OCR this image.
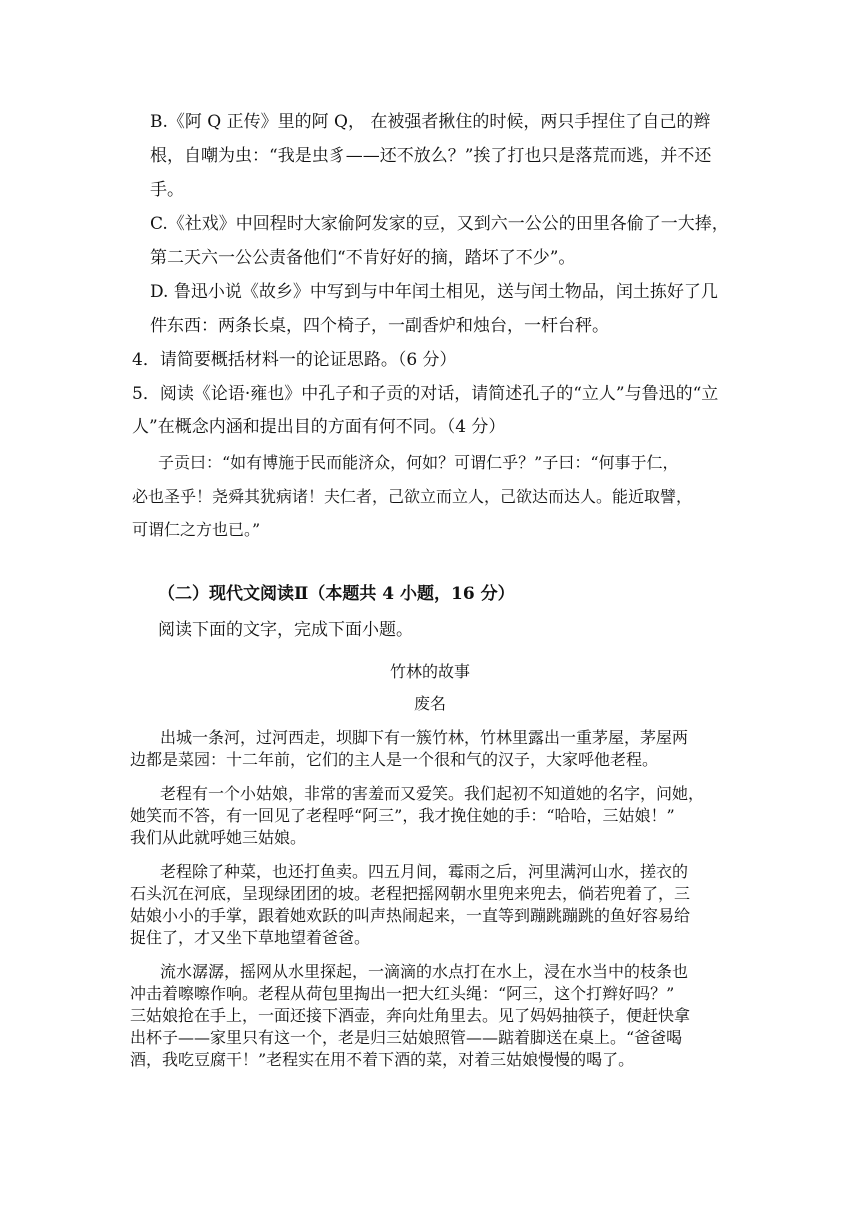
B.《阿 Q 正传》里的阿 Q， 在被强者揪住的时候，两只手捏住了自己的辫
根，自嘲为虫：“我是虫豸——还不放么？”挨了打也只是落荒而逃，并不还
手。
C.《社戏》中回程时大家偷阿发家的豆，又到六一公公的田里各偷了一大捧，
第二天六一公公责备他们“不肯好好的摘，踏坏了不少”。
D. 鲁迅小说《故乡》中写到与中年闰土相见，送与闰土物品，闰土拣好了几
件东西：两条长桌，四个椅子，一副香炉和烛台，一杆台秤。
4．请简要概括材料一的论证思路。（6 分）
5．阅读《论语·雍也》中孔子和子贡的对话，请简述孔子的“立人”与鲁迅的“立
人”在概念内涵和提出目的方面有何不同。（4 分）
子贡曰：“如有博施于民而能济众，何如？可谓仁乎？”子曰：“何事于仁，
必也圣乎！尧舜其犹病诸！夫仁者，己欲立而立人，己欲达而达人。能近取譬，
可谓仁之方也已。”
（二）现代文阅读Ⅱ（本题共 4 小题，16 分）
阅读下面的文字，完成下面小题。
竹林的故事
废名
出城一条河，过河西走，坝脚下有一簇竹林，竹林里露出一重茅屋，茅屋两
边都是菜园：十二年前，它们的主人是一个很和气的汉子，大家呼他老程。
老程有一个小姑娘，非常的害羞而又爱笑。我们起初不知道她的名字，问她，
她笑而不答，有一回见了老程呼“阿三”，我才挽住她的手：“哈哈，三姑娘！”
我们从此就呼她三姑娘。
老程除了种菜，也还打鱼卖。四五月间，霉雨之后，河里满河山水，搓衣的
石头沉在河底，呈现绿团团的坡。老程把摇网朝水里兜来兜去，倘若兜着了，三
姑娘小小的手掌，跟着她欢跃的叫声热闹起来，一直等到蹦跳蹦跳的鱼好容易给
捉住了，才又坐下草地望着爸爸。
流水潺潺，摇网从水里探起，一滴滴的水点打在水上，浸在水当中的枝条也
冲击着嚓嚓作响。老程从荷包里掏出一把大红头绳：“阿三，这个打辫好吗？”
三姑娘抢在手上，一面还接下酒壶，奔向灶角里去。见了妈妈抽筷子，便赶快拿
出杯子——家里只有这一个，老是归三姑娘照管——踮着脚送在桌上。“爸爸喝
酒，我吃豆腐干！”老程实在用不着下酒的菜，对着三姑娘慢慢的喝了。
